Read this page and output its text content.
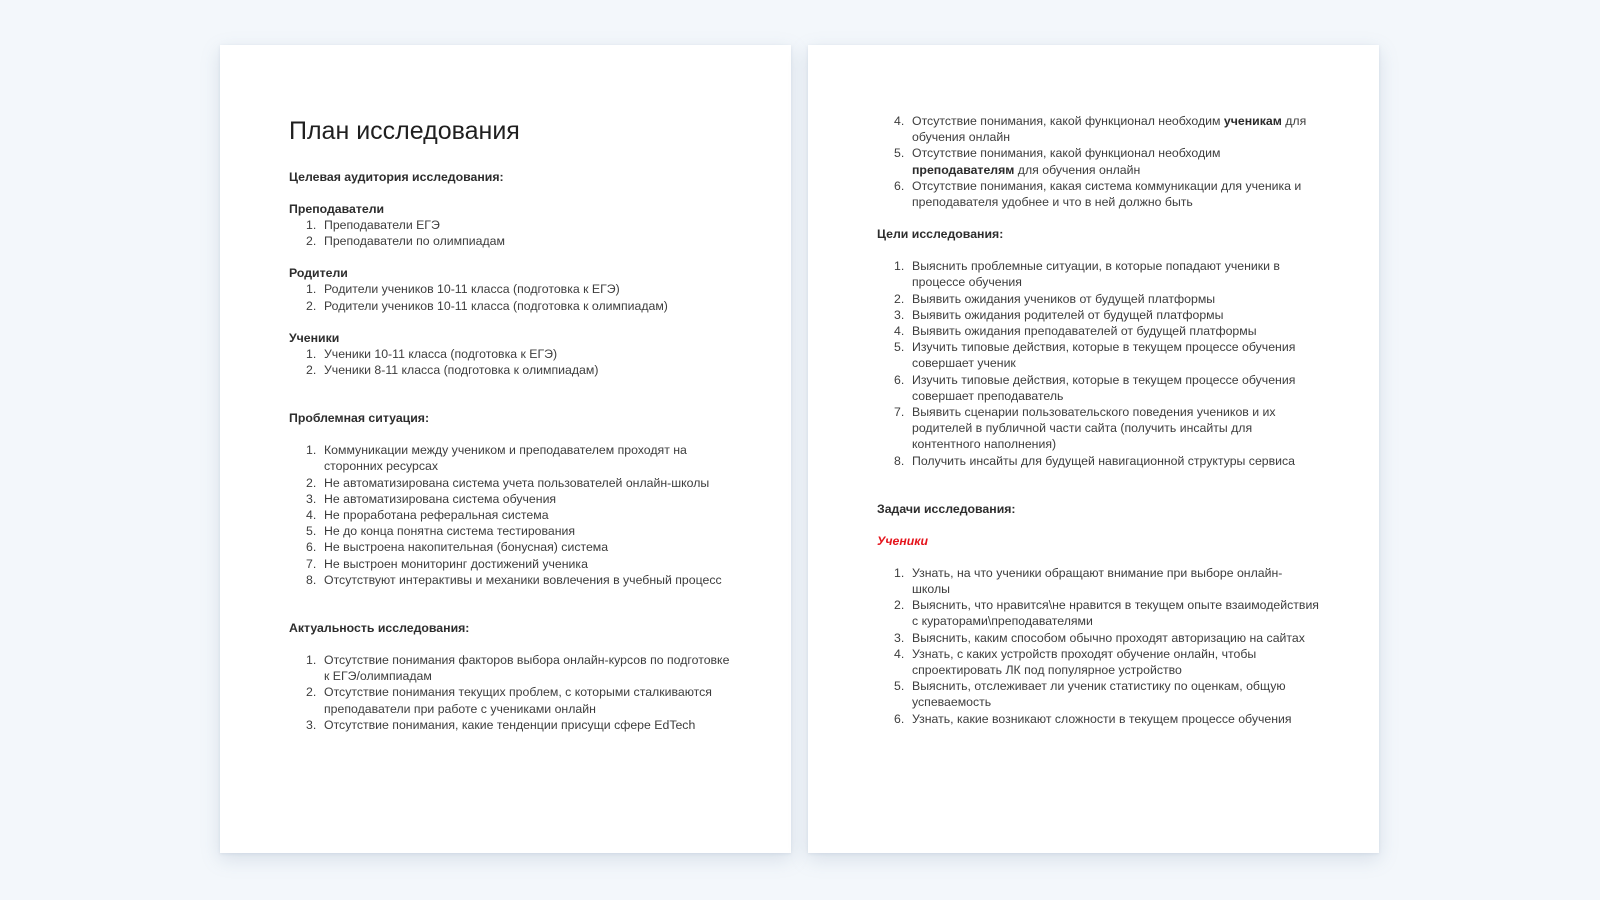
План исследования
Целевая аудитория исследования:
Преподаватели
1. Преподаватели ЕГЭ
2. Преподаватели по олимпиадам
Родители
1. Родители учеников 10-11 класса (подготовка к ЕГЭ)
2. Родители учеников 10-11 класса (подготовка к олимпиадам)
Ученики
1. Ученики 10-11 класса (подготовка к ЕГЭ)
2. Ученики 8-11 класса (подготовка к олимпиадам)
Проблемная ситуация:
1. Коммуникации между учеником и преподавателем проходят на сторонних ресурсах
2. Не автоматизирована система учета пользователей онлайн-школы
3. Не автоматизирована система обучения
4. Не проработана реферальная система
5. Не до конца понятна система тестирования
6. Не выстроена накопительная (бонусная) система
7. Не выстроен мониторинг достижений ученика
8. Отсутствуют интерактивы и механики вовлечения в учебный процесс
Актуальность исследования:
1. Отсутствие понимания факторов выбора онлайн-курсов по подготовке к ЕГЭ/олимпиадам
2. Отсутствие понимания текущих проблем, с которыми сталкиваются преподаватели при работе с учениками онлайн
3. Отсутствие понимания, какие тенденции присущи сфере EdTech
4. Отсутствие понимания, какой функционал необходим ученикам для обучения онлайн
5. Отсутствие понимания, какой функционал необходим преподавателям для обучения онлайн
6. Отсутствие понимания, какая система коммуникации для ученика и преподавателя удобнее и что в ней должно быть
Цели исследования:
1. Выяснить проблемные ситуации, в которые попадают ученики в процессе обучения
2. Выявить ожидания учеников от будущей платформы
3. Выявить ожидания родителей от будущей платформы
4. Выявить ожидания преподавателей от будущей платформы
5. Изучить типовые действия, которые в текущем процессе обучения совершает ученик
6. Изучить типовые действия, которые в текущем процессе обучения совершает преподаватель
7. Выявить сценарии пользовательского поведения учеников и их родителей в публичной части сайта (получить инсайты для контентного наполнения)
8. Получить инсайты для будущей навигационной структуры сервиса
Задачи исследования:
Ученики
1. Узнать, на что ученики обращают внимание при выборе онлайн-школы
2. Выяснить, что нравится\не нравится в текущем опыте взаимодействия с кураторами\преподавателями
3. Выяснить, каким способом обычно проходят авторизацию на сайтах
4. Узнать, с каких устройств проходят обучение онлайн, чтобы спроектировать ЛК под популярное устройство
5. Выяснить, отслеживает ли ученик статистику по оценкам, общую успеваемость
6. Узнать, какие возникают сложности в текущем процессе обучения
